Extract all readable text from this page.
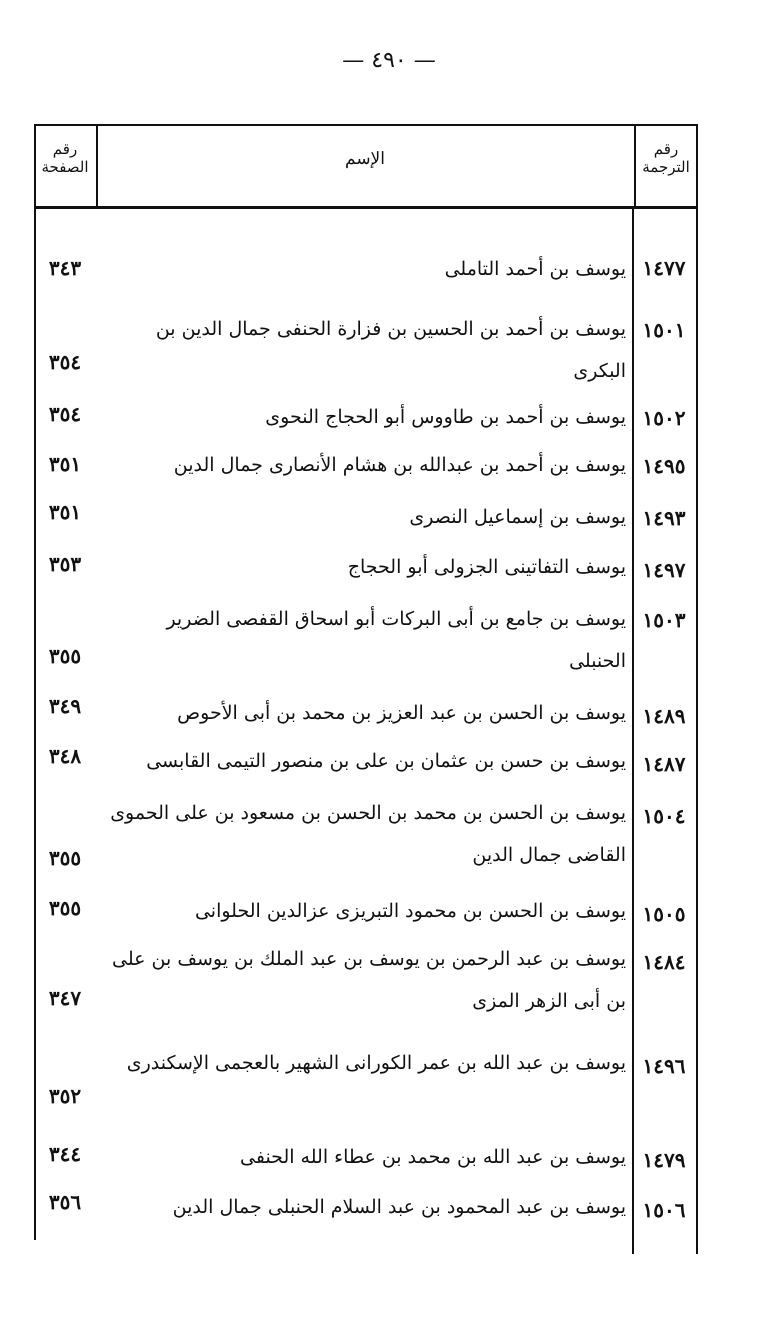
— ٤٩٠ —
رقم الصفحة	الإسم	رقم الترجمة
١٤٧٧
يوسف بن أحمد التاملى
٣٤٣
١٥٠١
يوسف بن أحمد بن الحسين بن فزارة الحنفى جمال الدين بن البكرى
٣٥٤
١٥٠٢
يوسف بن أحمد بن طاووس أبو الحجاج النحوى
٣٥٤
١٤٩٥
يوسف بن أحمد بن عبدالله بن هشام الأنصارى جمال الدين
٣٥١
١٤٩٣
يوسف بن إسماعيل النصرى
٣٥١
١٤٩٧
يوسف التفاتينى الجزولى أبو الحجاج
٣٥٣
١٥٠٣
يوسف بن جامع بن أبى البركات أبو اسحاق القفصى الضرير الحنبلى
٣٥٥
١٤٨٩
يوسف بن الحسن بن عبد العزيز بن محمد بن أبى الأحوص
٣٤٩
١٤٨٧
يوسف بن حسن بن عثمان بن على بن منصور التيمى القابسى
٣٤٨
١٥٠٤
يوسف بن الحسن بن محمد بن الحسن بن مسعود بن على الحموى القاضى جمال الدين
٣٥٥
١٥٠٥
يوسف بن الحسن بن محمود التبريزى عزالدين الحلوانى
٣٥٥
١٤٨٤
يوسف بن عبد الرحمن بن يوسف بن عبد الملك بن يوسف بن على بن أبى الزهر المزى
٣٤٧
١٤٩٦
يوسف بن عبد الله بن عمر الكورانى الشهير بالعجمى الإسكندرى
٣٥٢
١٤٧٩
يوسف بن عبد الله بن محمد بن عطاء الله الحنفى
٣٤٤
١٥٠٦
يوسف بن عبد المحمود بن عبد السلام الحنبلى جمال الدين
٣٥٦
